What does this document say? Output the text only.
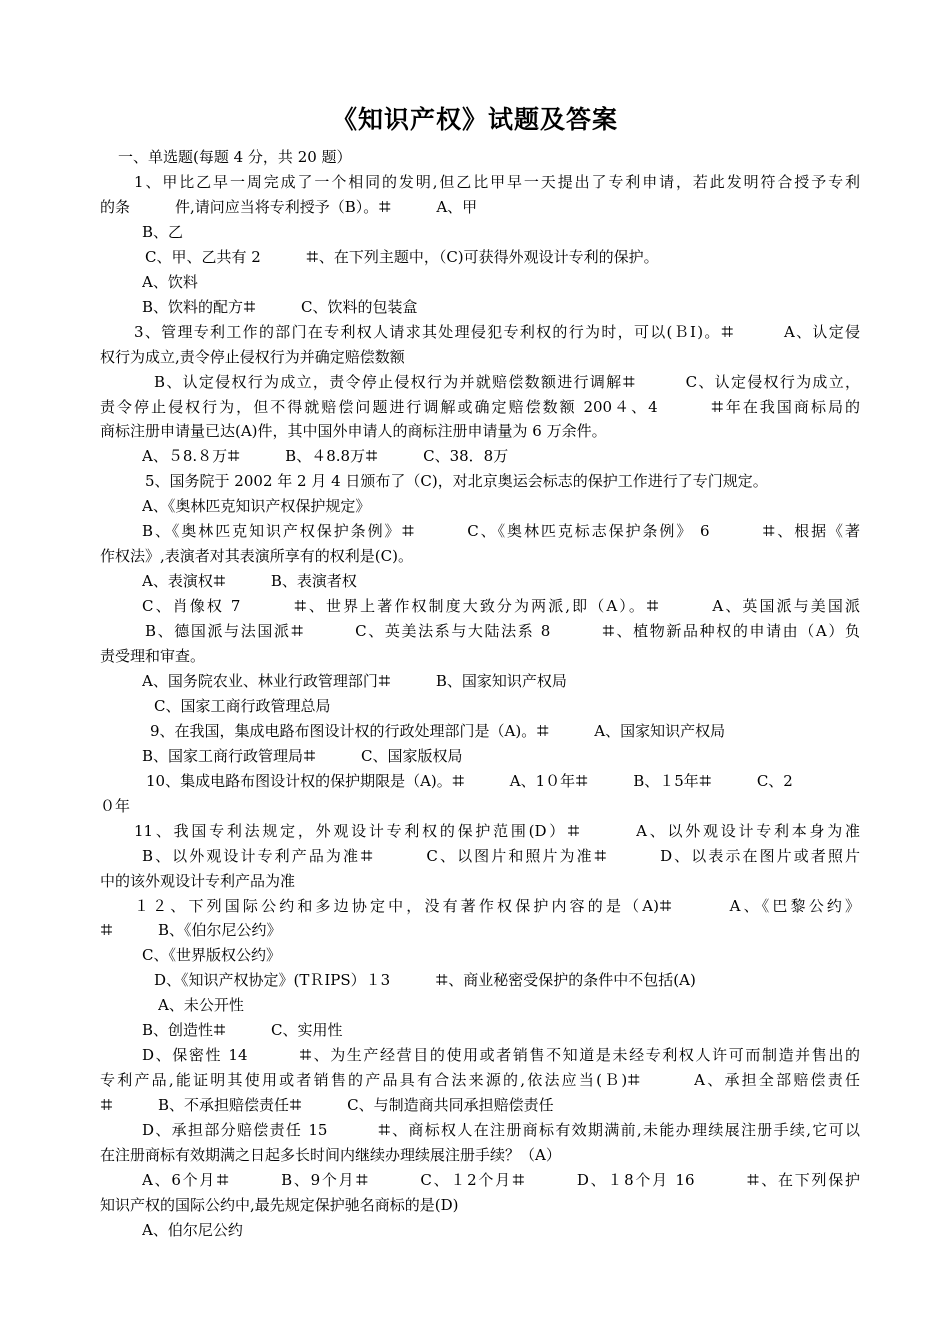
《知识产权》试题及答案
一、单选题(每题 4 分，共 20 题）
1、甲比乙早一周完成了一个相同的发明,但乙比甲早一天提出了专利申请，若此发明符合授予专利
的条　　　件,请问应当将专利授予（B）。ꖛ　　　A、甲
B、乙
C、甲、乙共有 2　　　ꖛ、在下列主题中，（C)可获得外观设计专利的保护。
A、饮料
B、饮料的配方ꖛ　　　C、饮料的包装盒
3、管理专利工作的部门在专利权人请求其处理侵犯专利权的行为时，可以(ＢⅠ)。ꖛ　　　A、认定侵
权行为成立,责令停止侵权行为并确定赔偿数额
B、认定侵权行为成立，责令停止侵权行为并就赔偿数额进行调解ꖛ　　　C、认定侵权行为成立，
责令停止侵权行为，但不得就赔偿问题进行调解或确定赔偿数额 200４、4　　　ꖛ年在我国商标局的
商标注册申请量已达(A)件，其中国外申请人的商标注册申请量为 6 万余件。
A、５8.８万ꖛ　　　B、４8.8万ꖛ　　　C、38．8万
5、国务院于 2002 年 2 月 4 日颁布了（C)，对北京奥运会标志的保护工作进行了专门规定。
A、《奥林匹克知识产权保护规定》
B、《奥林匹克知识产权保护条例》ꖛ　　　C、《奥林匹克标志保护条例》 6　　　ꖛ、根据《著
作权法》,表演者对其表演所享有的权利是(C)。
A、表演权ꖛ　　　B、表演者权
C、肖像权 7　　　ꖛ、世界上著作权制度大致分为两派,即（A）。ꖛ　　　A、英国派与美国派
B、德国派与法国派ꖛ　　　C、英美法系与大陆法系 8　　　ꖛ、植物新品种权的申请由（A）负
责受理和审查。
A、国务院农业、林业行政管理部门ꖛ　　　B、国家知识产权局
C、国家工商行政管理总局
9、在我国，集成电路布图设计权的行政处理部门是（A)。ꖛ　　　A、国家知识产权局
B、国家工商行政管理局ꖛ　　　C、国家版权局
10、集成电路布图设计权的保护期限是（A)。ꖛ　　　A、1０年ꖛ　　　B、１5年ꖛ　　　C、2
０年
11、我国专利法规定，外观设计专利权的保护范围(D）ꖛ　　　A、以外观设计专利本身为准
B、以外观设计专利产品为准ꖛ　　　C、以图片和照片为准ꖛ　　　D、以表示在图片或者照片
中的该外观设计专利产品为准
１２、下列国际公约和多边协定中，没有著作权保护内容的是（A)ꖛ　　　A、《巴黎公约》
ꖛ　　　B、《伯尔尼公约》
C、《世界版权公约》
D、《知识产权协定》(TＲIPS）１3　　　ꖛ、商业秘密受保护的条件中不包括(A)
A、未公开性
B、创造性ꖛ　　　C、实用性
D、保密性 14　　　ꖛ、为生产经营目的使用或者销售不知道是未经专利权人许可而制造并售出的
专利产品,能证明其使用或者销售的产品具有合法来源的,依法应当(Ｂ)ꖛ　　　A、承担全部赔偿责任
ꖛ　　　B、不承担赔偿责任ꖛ　　　C、与制造商共同承担赔偿责任
D、承担部分赔偿责任 15　　　ꖛ、商标权人在注册商标有效期满前,未能办理续展注册手续,它可以
在注册商标有效期满之日起多长时间内继续办理续展注册手续？（A）
A、6个月ꖛ　　　B、9个月ꖛ　　　C、１2个月ꖛ　　　D、１8个月 16　　　ꖛ、在下列保护
知识产权的国际公约中,最先规定保护驰名商标的是(D)
A、伯尔尼公约
